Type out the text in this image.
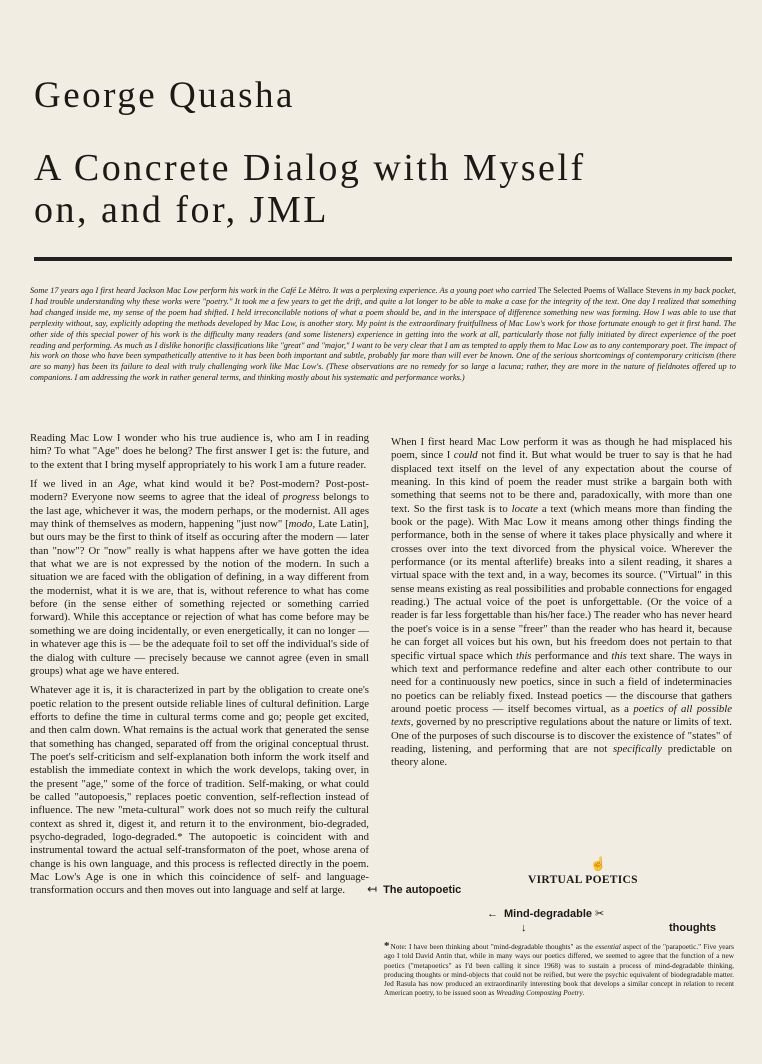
George Quasha
A Concrete Dialog with Myself
on, and for, JML

Some 17 years ago I first heard Jackson Mac Low perform his work in the Café Le Métro. It was a perplexing experience. As a young poet who carried The Selected Poems of Wallace Stevens in my back pocket, I had trouble understanding why these works were "poetry." It took me a few years to get the drift, and quite a lot longer to be able to make a case for the integrity of the text. One day I realized that something had changed inside me, my sense of the poem had shifted. I held irreconcilable notions of what a poem should be, and in the interspace of difference something new was forming. How I was able to use that perplexity without, say, explicitly adopting the methods developed by Mac Low, is another story. My point is the extraordinary fruitfullness of Mac Low's work for those fortunate enough to get it first hand. The other side of this special power of his work is the difficulty many readers (and some listeners) experience in getting into the work at all, particularly those not fully initiated by direct experience of the poet reading and performing. As much as I dislike honorific classifications like "great" and "major," I want to be very clear that I am as tempted to apply them to Mac Low as to any contemporary poet. The impact of his work on those who have been sympathetically attentive to it has been both important and subtle, probably far more than will ever be known. One of the serious shortcomings of contemporary criticism (there are so many) has been its failure to deal with truly challenging work like Mac Low's. (These observations are no remedy for so large a lacuna; rather, they are more in the nature of fieldnotes offered up to companions. I am addressing the work in rather general terms, and thinking mostly about his systematic and performance works.)

Reading Mac Low I wonder who his true audience is, who am I in reading him? To what "Age" does he belong? The first answer I get is: the future, and to the extent that I bring myself appropriately to his work I am a future reader.

If we lived in an Age, what kind would it be? Post-modern? Post-post-modern? Everyone now seems to agree that the ideal of progress belongs to the last age, whichever it was, the modern perhaps, or the modernist. All ages may think of themselves as modern, happening "just now" [modo, Late Latin], but ours may be the first to think of itself as occuring after the modern — later than "now"? Or "now" really is what happens after we have gotten the idea that what we are is not expressed by the notion of the modern. In such a situation we are faced with the obligation of defining, in a way different from the modernist, what it is we are, that is, without reference to what has come before (in the sense either of something rejected or something carried forward). While this acceptance or rejection of what has come before may be something we are doing incidentally, or even energetically, it can no longer — in whatever age this is — be the adequate foil to set off the individual's side of the dialog with culture — precisely because we cannot agree (even in small groups) what age we have entered.

Whatever age it is, it is characterized in part by the obligation to create one's poetic relation to the present outside reliable lines of cultural definition. Large efforts to define the time in cultural terms come and go; people get excited, and then calm down. What remains is the actual work that generated the sense that something has changed, separated off from the original conceptual thrust. The poet's self-criticism and self-explanation both inform the work itself and establish the immediate context in which the work develops, taking over, in the present "age," some of the force of tradition. Self-making, or what could be called "autopoesis," replaces poetic convention, self-reflection instead of influence. The new "meta-cultural" work does not so much reify the cultural context as shred it, digest it, and return it to the environment, bio-degraded, psycho-degraded, logo-degraded.* The autopoetic is coincident with and instrumental toward the actual self-transformaton of the poet, whose arena of change is his own language, and this process is reflected directly in the poem. Mac Low's Age is one in which this coincidence of self- and language-transformation occurs and then moves out into language and self at large.

When I first heard Mac Low perform it was as though he had misplaced his poem, since I could not find it. But what would be truer to say is that he had displaced text itself on the level of any expectation about the course of meaning. In this kind of poem the reader must strike a bargain both with something that seems not to be there and, paradoxically, with more than one text. So the first task is to locate a text (which means more than finding the book or the page). With Mac Low it means among other things finding the performance, both in the sense of where it takes place physically and where it crosses over into the text divorced from the physical voice. Wherever the performance (or its mental afterlife) breaks into a silent reading, it shares a virtual space with the text and, in a way, becomes its source. ("Virtual" in this sense means existing as real possibilities and probable connections for engaged reading.) The actual voice of the poet is unforgettable. (Or the voice of a reader is far less forgettable than his/her face.) The reader who has never heard the poet's voice is in a sense "freer" than the reader who has heard it, because he can forget all voices but his own, but his freedom does not pertain to that specific virtual space which this performance and this text share. The ways in which text and performance redefine and alter each other contribute to our need for a continuously new poetics, since in such a field of indeterminacies no poetics can be reliably fixed. Instead poetics — the discourse that gathers around poetic process — itself becomes virtual, as a poetics of all possible texts, governed by no prescriptive regulations about the nature or limits of text. One of the purposes of such discourse is to discover the existence of "states" of reading, listening, and performing that are not specifically predictable on theory alone.

☝
VIRTUAL POETICS
↤ The autopoetic
← Mind-degradable ✂
↓	thoughts

*Note: I have been thinking about "mind-degradable thoughts" as the essential aspect of the "parapoetic." Five years ago I told David Antin that, while in many ways our poetics differed, we seemed to agree that the function of a new poetics ("metapoetics" as I'd been calling it since 1968) was to sustain a process of mind-degradable thinking, producing thoughts or mind-objects that could not be reified, but were the psychic equivalent of biodegradable matter. Jed Rasula has now produced an extraordinarily interesting book that develops a similar concept in relation to recent American poetry, to be issued soon as Wreading Composting Poetry.
